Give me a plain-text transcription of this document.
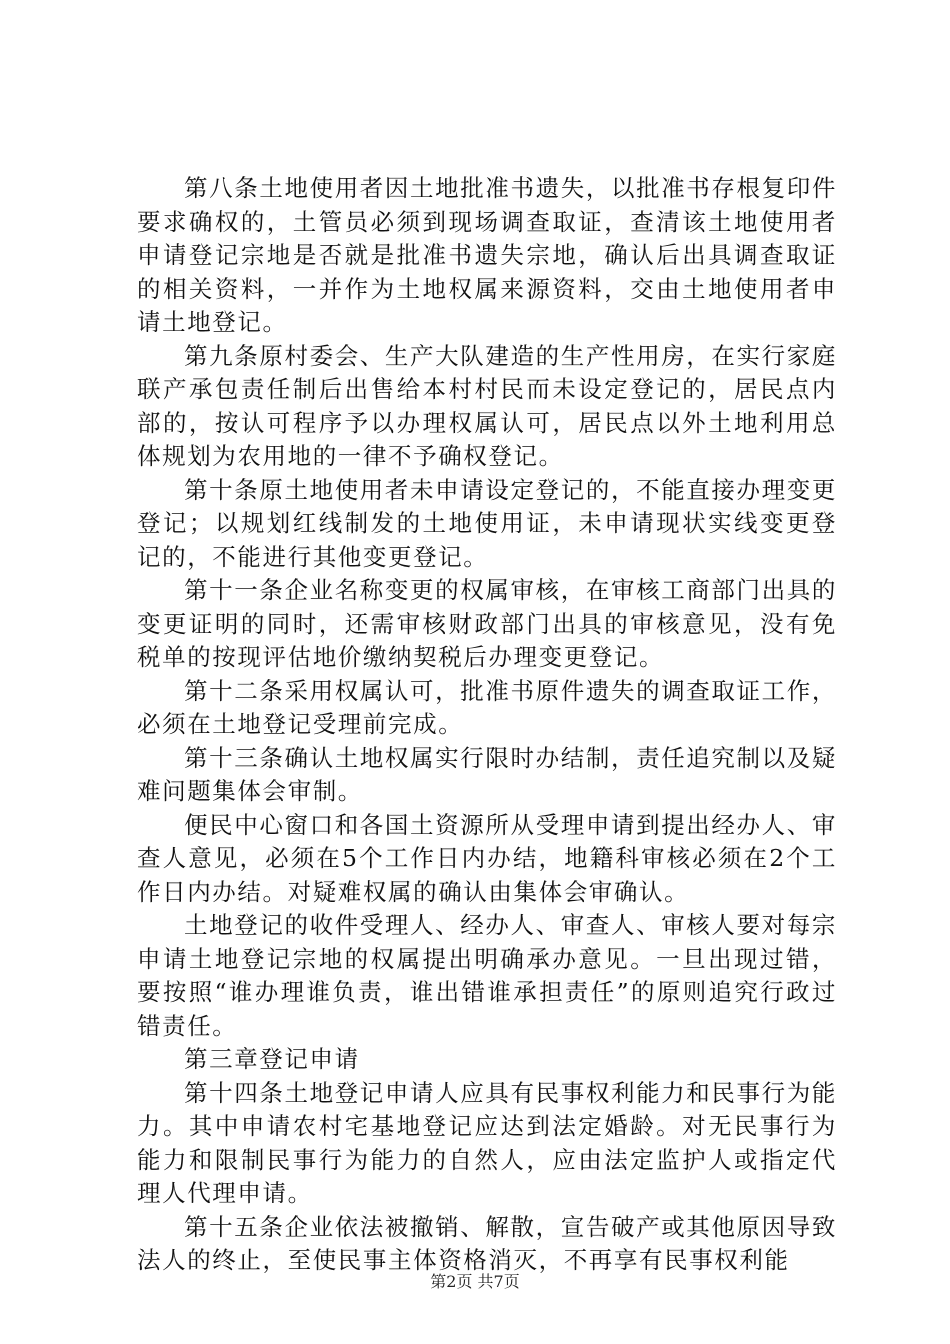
第八条土地使用者因土地批准书遗失，以批准书存根复印件要求确权的，土管员必须到现场调查取证，查清该土地使用者申请登记宗地是否就是批准书遗失宗地，确认后出具调查取证的相关资料，一并作为土地权属来源资料，交由土地使用者申请土地登记。

第九条原村委会、生产大队建造的生产性用房，在实行家庭联产承包责任制后出售给本村村民而未设定登记的，居民点内部的，按认可程序予以办理权属认可，居民点以外土地利用总体规划为农用地的一律不予确权登记。

第十条原土地使用者未申请设定登记的，不能直接办理变更登记；以规划红线制发的土地使用证，未申请现状实线变更登记的，不能进行其他变更登记。

第十一条企业名称变更的权属审核，在审核工商部门出具的变更证明的同时，还需审核财政部门出具的审核意见，没有免税单的按现评估地价缴纳契税后办理变更登记。

第十二条采用权属认可，批准书原件遗失的调查取证工作，必须在土地登记受理前完成。

第十三条确认土地权属实行限时办结制，责任追究制以及疑难问题集体会审制。

便民中心窗口和各国土资源所从受理申请到提出经办人、审查人意见，必须在5个工作日内办结，地籍科审核必须在2个工作日内办结。对疑难权属的确认由集体会审确认。

土地登记的收件受理人、经办人、审查人、审核人要对每宗申请土地登记宗地的权属提出明确承办意见。一旦出现过错，要按照“谁办理谁负责，谁出错谁承担责任”的原则追究行政过错责任。

第三章登记申请

第十四条土地登记申请人应具有民事权利能力和民事行为能力。其中申请农村宅基地登记应达到法定婚龄。对无民事行为能力和限制民事行为能力的自然人，应由法定监护人或指定代理人代理申请。

第十五条企业依法被撤销、解散，宣告破产或其他原因导致法人的终止，至使民事主体资格消灭，不再享有民事权利能

第2页 共7页
